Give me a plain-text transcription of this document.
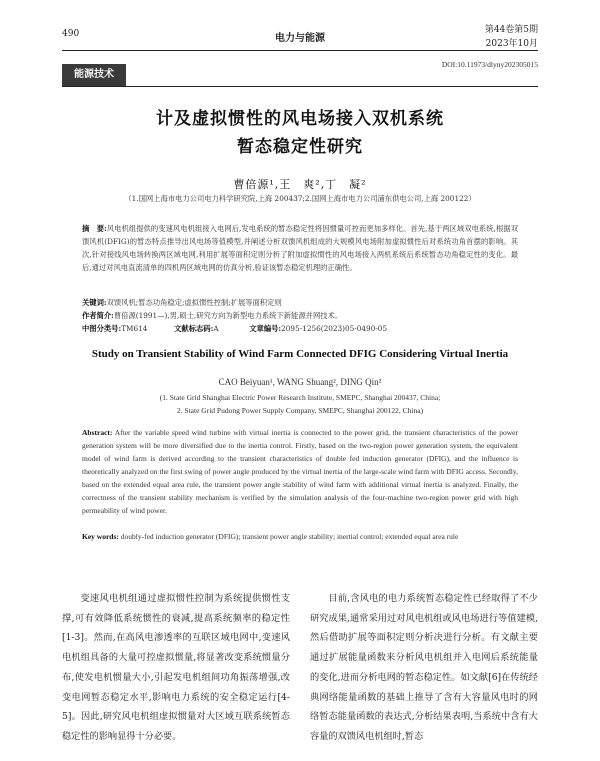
490	电力与能源
第44卷第5期
2023年10月
能源技术
DOI:10.11973/dlyny202305015
计及虚拟惯性的风电场接入双机系统
暂态稳定性研究
曹倍源¹,王　爽²,丁　凝²
（1.国网上海市电力公司电力科学研究院,上海 200437;2.国网上海市电力公司浦东供电公司,上海 200122）
摘　要:风电机组提供的变速风电机组接入电网后,发电系统的暂态稳定性将因惯量可控而更加多样化。首先,基于两区域双电系统,根据双馈风机(DFIG)的暂态特点推导出风电场等值模型,并阐述分析双馈风机组成的大规模风电场附加虚拟惯性后对系统功角首摆的影响。其次,针对接线风电场转换两区域电网,利用扩展等面积定则分析了附加虚拟惯性的风电场接入两机系统后系统暂态功角稳定性的变化。最后,通过对风电直流清单的四机两区域电网的仿真分析,验证该暂态稳定机理的正确性。
关键词:双馈风机;暂态功角稳定;虚拟惯性控制;扩展等面积定则
作者简介:曹倍源(1991—),男,硕士,研究方向为新型电力系统下新能源并网技术。
中图分类号:TM614	文献标志码:A	文章编号:2095-1256(2023)05-0490-05
Study on Transient Stability of Wind Farm Connected DFIG Considering Virtual Inertia
CAO Beiyuan¹, WANG Shuang², DING Qin²
(1. State Grid Shanghai Electric Power Research Institute, SMEPC, Shanghai 200437, China;
2. State Grid Pudong Power Supply Company, SMEPC, Shanghai 200122, China)
Abstract: After the variable speed wind turbine with virtual inertia is connected to the power grid, the transient characteristics of the power generation system will be more diversified due to the inertia control. Firstly, based on the two-region power generation system, the equivalent model of wind farm is derived according to the transient characteristics of double fed induction generator (DFIG), and the influence is theoretically analyzed on the first swing of power angle produced by the virtual inertia of the large-scale wind farm with DFIG access. Secondly, based on the extended equal area rule, the transient power angle stability of wind farm with additional virtual inertia is analyzed. Finally, the correctness of the transient stability mechanism is verified by the simulation analysis of the four-machine two-region power grid with high permeability of wind power.
Key words: doubly-fed induction generator (DFIG); transient power angle stability; inertial control; extended equal area rule
变速风电机组通过虚拟惯性控制为系统提供惯性支撑,可有效降低系统惯性的衰减,提高系统频率的稳定性[1-3]。然而,在高风电渗透率的互联区域电网中,变速风电机组具备的大量可控虚拟惯量,将显著改变系统惯量分布,使发电机惯量大小,引起发电机组间功角振荡增强,改变电网暂态稳定水平,影响电力系统的安全稳定运行[4-5]。因此,研究风电机组虚拟惯量对大区域互联系统暂态稳定性的影响显得十分必要。
目前,含风电的电力系统暂态稳定性已经取得了不少研究成果,通常采用过对风电机组或风电场进行等值建模,然后借助扩展等面积定则分析决进行分析。有文献主要通过扩展能量函数来分析风电机组并入电网后系统能量的变化,进而分析电网的暂态稳定性。如文献[6]在传统经典网络能量函数的基础上推导了含有大容量风电时的网络暂态能量函数的表达式,分析结果表明,当系统中含有大容量的双馈风电机组时,暂态
